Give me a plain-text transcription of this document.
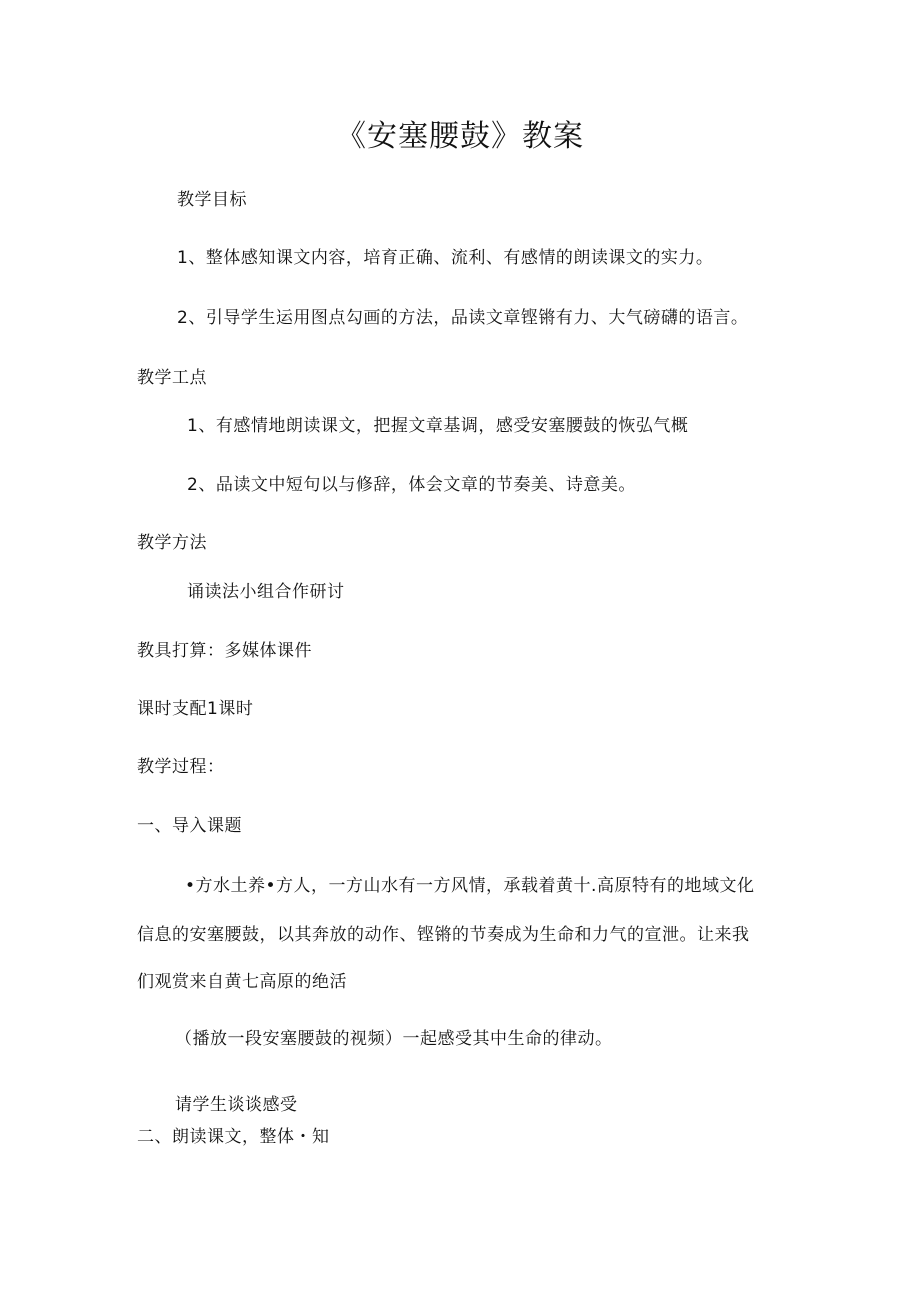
《安塞腰鼓》教案
教学目标
1、整体感知课文内容，培育正确、流利、有感情的朗读课文的实力。
2、引导学生运用图点勾画的方法，品读文章铿锵有力、大气磅礴的语言。
教学工点
1、有感情地朗读课文，把握文章基调，感受安塞腰鼓的恢弘气概
2、品读文中短句以与修辞，体会文章的节奏美、诗意美。
教学方法
诵读法小组合作研讨
教具打算：多媒体课件
课时支配1课时
教学过程：
一、导入课题
•方水土养•方人，一方山水有一方风情，承载着黄十.高原特有的地域文化
信息的安塞腰鼓，以其奔放的动作、铿锵的节奏成为生命和力气的宣泄。让来我
们观赏来自黄七高原的绝活
（播放一段安塞腰鼓的视频）一起感受其中生命的律动。
请学生谈谈感受
二、朗读课文，整体・知
